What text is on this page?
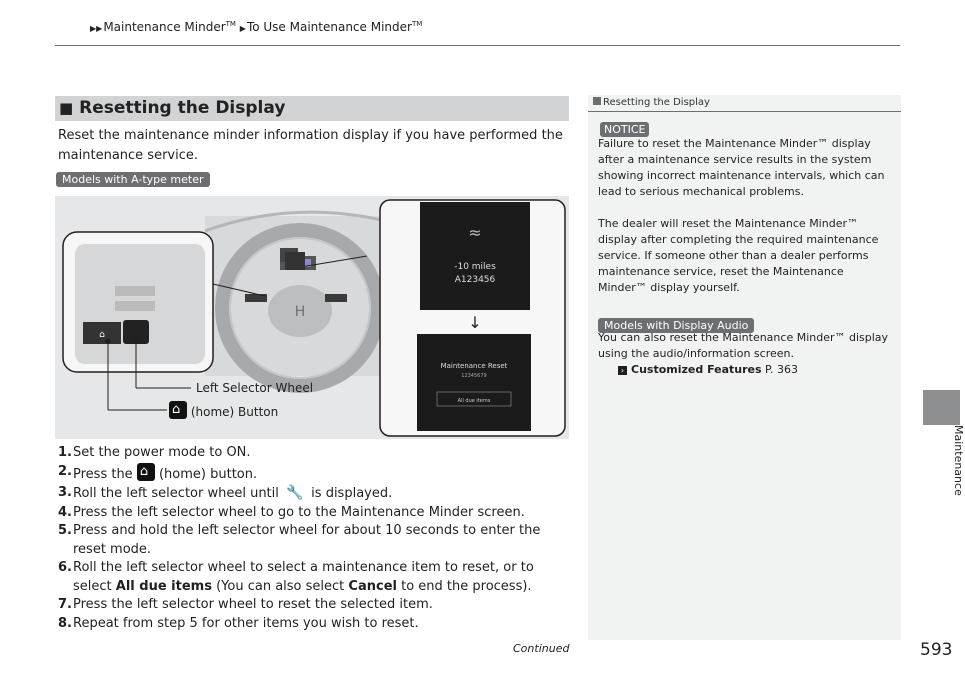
▶▶Maintenance Minder™ ▶To Use Maintenance Minder™
■ Resetting the Display
Reset the maintenance minder information display if you have performed the maintenance service.
Models with A-type meter
H
⌂
≈
-10 miles
A123456
↓
Maintenance Reset
12345679
All due items
Left Selector Wheel
⌂ (home) Button
1. Set the power mode to ON.
2. Press the ⌂ (home) button.
3. Roll the left selector wheel until 🔧 is displayed.
4. Press the left selector wheel to go to the Maintenance Minder screen.
5. Press and hold the left selector wheel for about 10 seconds to enter the reset mode.
6. Roll the left selector wheel to select a maintenance item to reset, or to select All due items (You can also select Cancel to end the process).
7. Press the left selector wheel to reset the selected item.
8. Repeat from step 5 for other items you wish to reset.
Resetting the Display
NOTICE
Failure to reset the Maintenance Minder™ display after a maintenance service results in the system showing incorrect maintenance intervals, which can lead to serious mechanical problems.
The dealer will reset the Maintenance Minder™ display after completing the required maintenance service. If someone other than a dealer performs maintenance service, reset the Maintenance Minder™ display yourself.
Models with Display Audio
You can also reset the Maintenance Minder™ display using the audio/information screen.
› Customized Features P. 363
Continued	593
Maintenance
